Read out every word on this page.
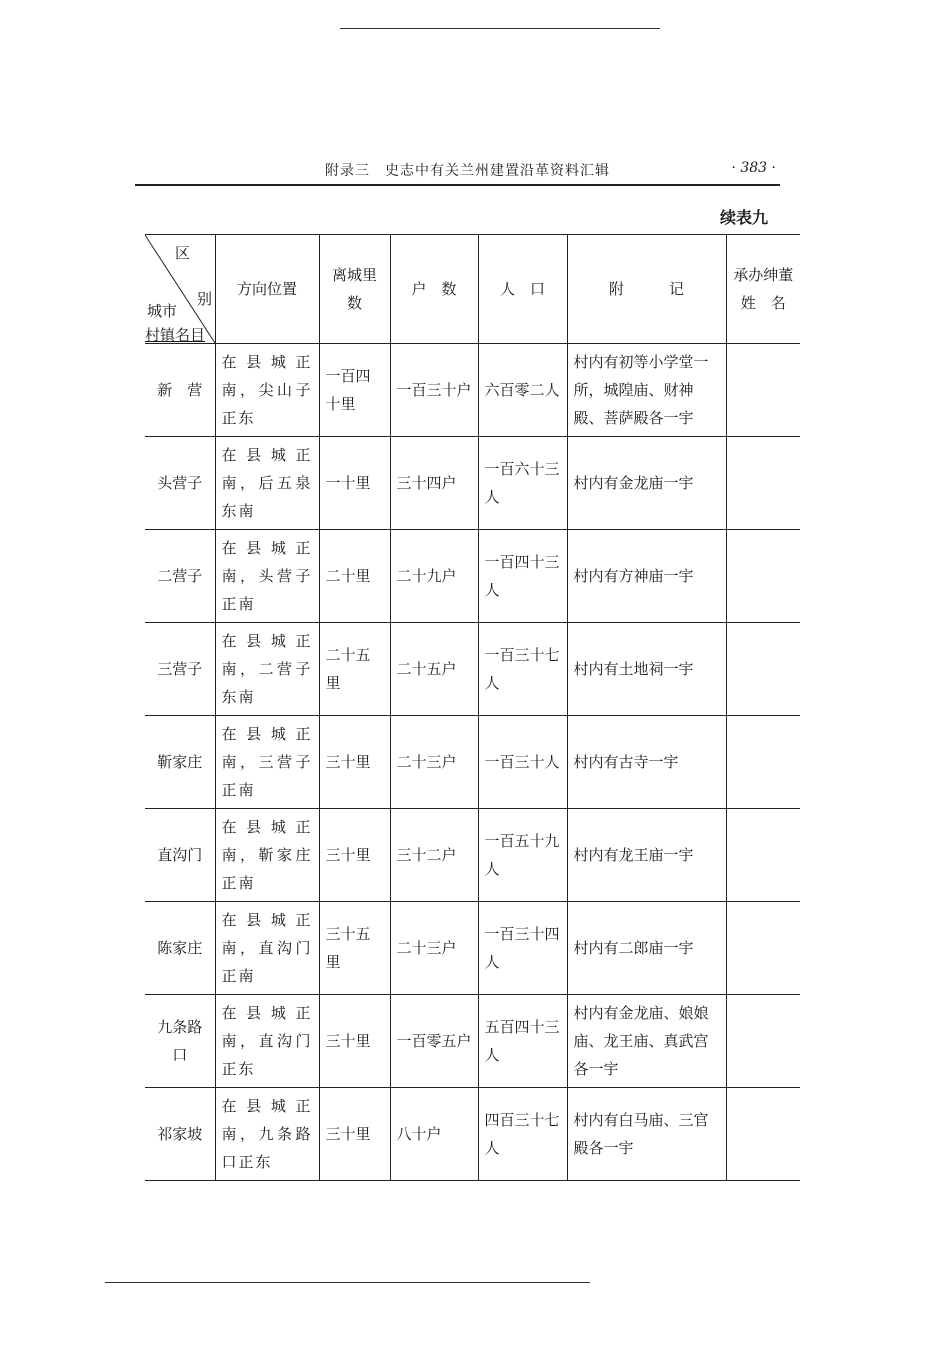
附录三　史志中有关兰州建置沿革资料汇辑	· 383 ·
续表九
区
别
城市
村镇名目	方向位置	离城里数	户　数	人　口	附　　　记	承办绅董
姓　名

新　营	在县城正南，尖山子正东	一百四十里	一百三十户	六百零二人	村内有初等小学堂一所，城隍庙、财神殿、菩萨殿各一宇	
头营子	在县城正南，后五泉东南	一十里	三十四户	一百六十三人	村内有金龙庙一宇	
二营子	在县城正南，头营子正南	二十里	二十九户	一百四十三人	村内有方神庙一宇	
三营子	在县城正南，二营子东南	二十五里	二十五户	一百三十七人	村内有土地祠一宇	
靳家庄	在县城正南，三营子正南	三十里	二十三户	一百三十人	村内有古寺一宇	
直沟门	在县城正南，靳家庄正南	三十里	三十二户	一百五十九人	村内有龙王庙一宇	
陈家庄	在县城正南，直沟门正南	三十五里	二十三户	一百三十四人	村内有二郎庙一宇	
九条路口	在县城正南，直沟门正东	三十里	一百零五户	五百四十三人	村内有金龙庙、娘娘庙、龙王庙、真武宫各一宇	
祁家坡	在县城正南，九条路口正东	三十里	八十户	四百三十七人	村内有白马庙、三官殿各一宇	
